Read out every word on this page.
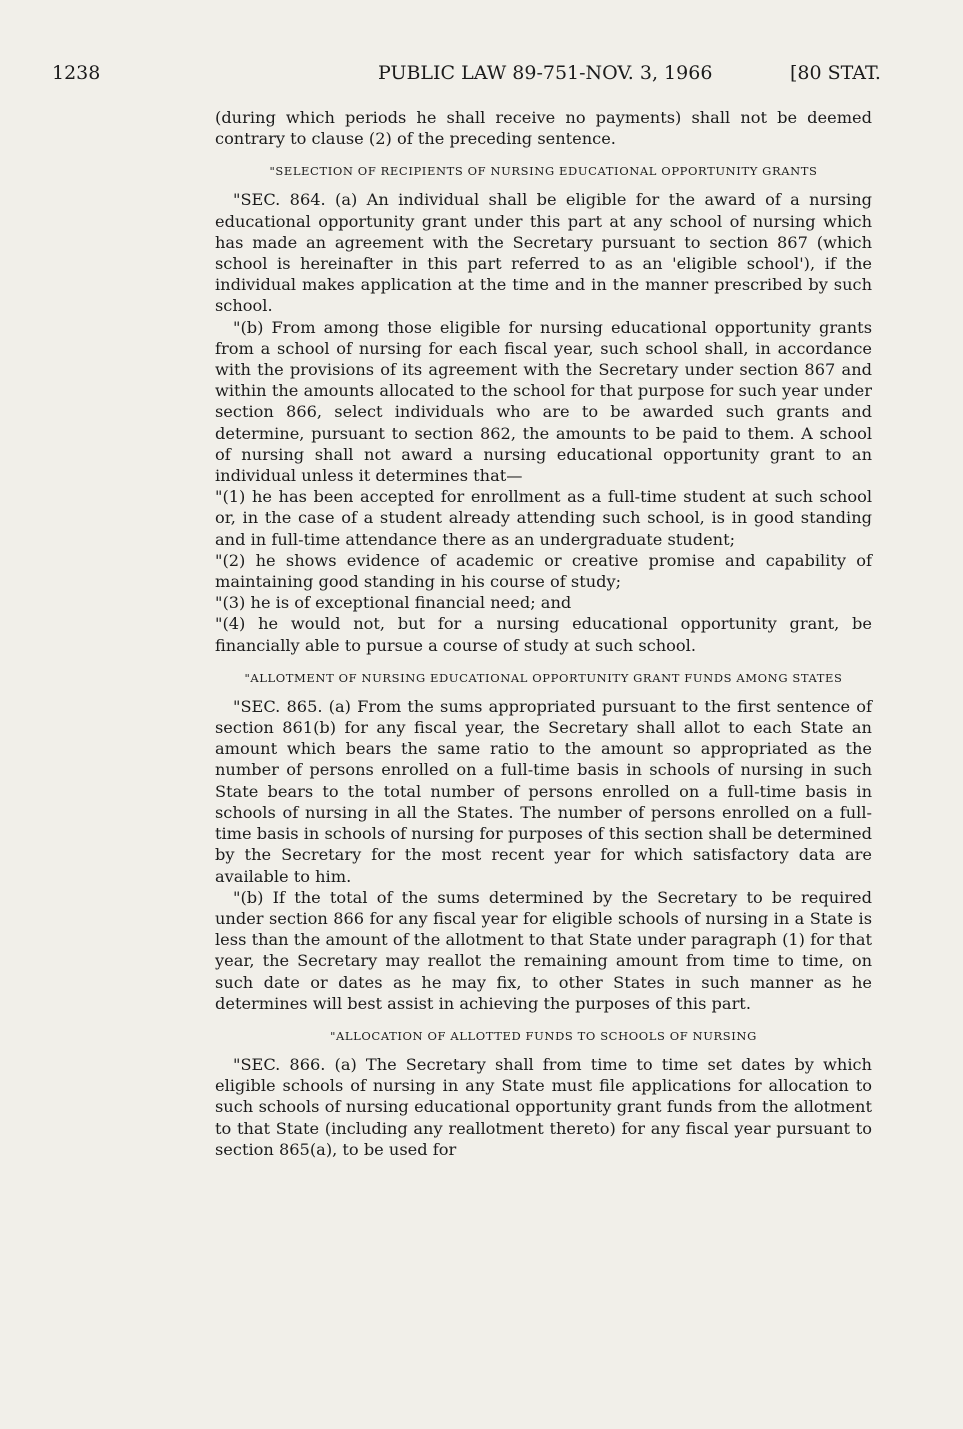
1238	PUBLIC LAW 89-751-NOV. 3, 1966	[80 STAT.

(during which periods he shall receive no payments) shall not be deemed contrary to clause (2) of the preceding sentence.

"SELECTION OF RECIPIENTS OF NURSING EDUCATIONAL OPPORTUNITY GRANTS

"SEC. 864. (a) An individual shall be eligible for the award of a nursing educational opportunity grant under this part at any school of nursing which has made an agreement with the Secretary pursuant to section 867 (which school is hereinafter in this part referred to as an 'eligible school'), if the individual makes application at the time and in the manner prescribed by such school.

"(b) From among those eligible for nursing educational opportunity grants from a school of nursing for each fiscal year, such school shall, in accordance with the provisions of its agreement with the Secretary under section 867 and within the amounts allocated to the school for that purpose for such year under section 866, select individuals who are to be awarded such grants and determine, pursuant to section 862, the amounts to be paid to them. A school of nursing shall not award a nursing educational opportunity grant to an individual unless it determines that—

"(1) he has been accepted for enrollment as a full-time student at such school or, in the case of a student already attending such school, is in good standing and in full-time attendance there as an undergraduate student;

"(2) he shows evidence of academic or creative promise and capability of maintaining good standing in his course of study;

"(3) he is of exceptional financial need; and

"(4) he would not, but for a nursing educational opportunity grant, be financially able to pursue a course of study at such school.

"ALLOTMENT OF NURSING EDUCATIONAL OPPORTUNITY GRANT FUNDS AMONG STATES

"SEC. 865. (a) From the sums appropriated pursuant to the first sentence of section 861(b) for any fiscal year, the Secretary shall allot to each State an amount which bears the same ratio to the amount so appropriated as the number of persons enrolled on a full-time basis in schools of nursing in such State bears to the total number of persons enrolled on a full-time basis in schools of nursing in all the States. The number of persons enrolled on a full-time basis in schools of nursing for purposes of this section shall be determined by the Secretary for the most recent year for which satisfactory data are available to him.

"(b) If the total of the sums determined by the Secretary to be required under section 866 for any fiscal year for eligible schools of nursing in a State is less than the amount of the allotment to that State under paragraph (1) for that year, the Secretary may reallot the remaining amount from time to time, on such date or dates as he may fix, to other States in such manner as he determines will best assist in achieving the purposes of this part.

"ALLOCATION OF ALLOTTED FUNDS TO SCHOOLS OF NURSING

"SEC. 866. (a) The Secretary shall from time to time set dates by which eligible schools of nursing in any State must file applications for allocation to such schools of nursing educational opportunity grant funds from the allotment to that State (including any reallotment thereto) for any fiscal year pursuant to section 865(a), to be used for
